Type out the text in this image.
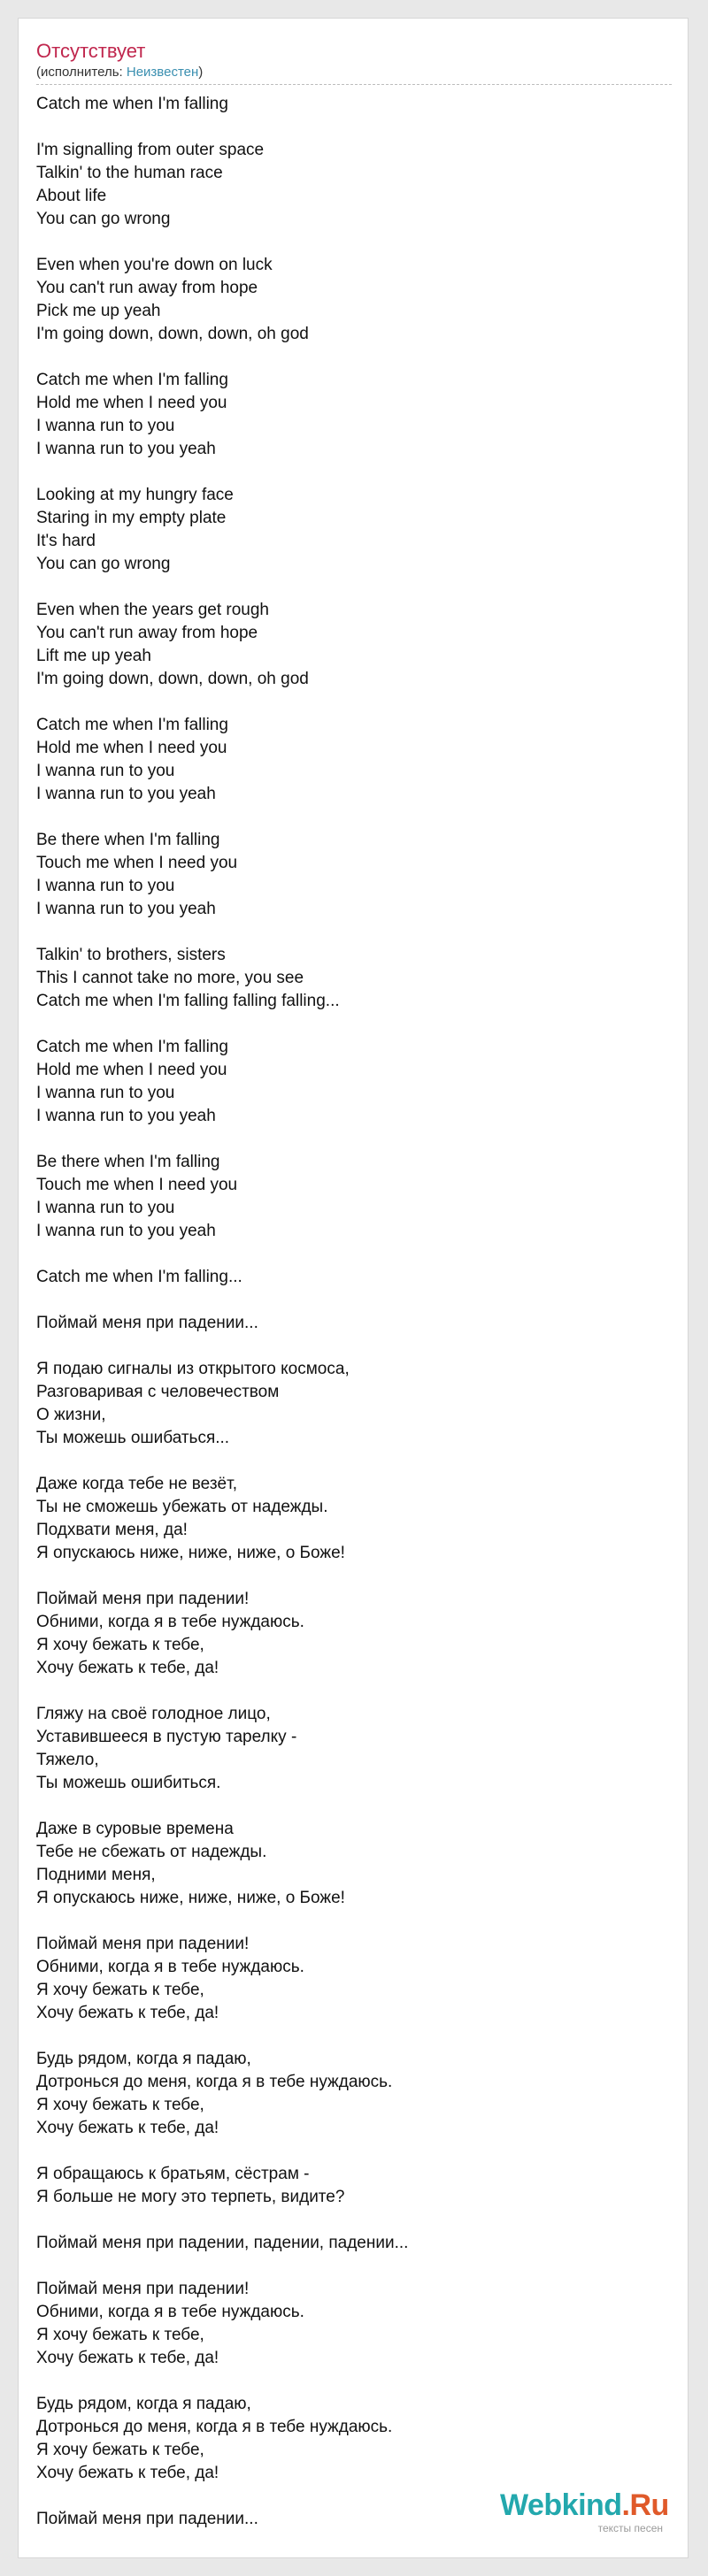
Отсутствует
(исполнитель: Неизвестен)
Catch me when I'm falling
I'm signalling from outer space
Talkin' to the human race
About life
You can go wrong
Even when you're down on luck
You can't run away from hope
Pick me up yeah
I'm going down, down, down, oh god
Catch me when I'm falling
Hold me when I need you
I wanna run to you
I wanna run to you yeah
Looking at my hungry face
Staring in my empty plate
It's hard
You can go wrong
Even when the years get rough
You can't run away from hope
Lift me up yeah
I'm going down, down, down, oh god
Catch me when I'm falling
Hold me when I need you
I wanna run to you
I wanna run to you yeah
Be there when I'm falling
Touch me when I need you
I wanna run to you
I wanna run to you yeah
Talkin' to brothers, sisters
This I cannot take no more, you see
Catch me when I'm falling falling falling...
Catch me when I'm falling
Hold me when I need you
I wanna run to you
I wanna run to you yeah
Be there when I'm falling
Touch me when I need you
I wanna run to you
I wanna run to you yeah
Catch me when I'm falling...
Поймай меня при падении...
Я подаю сигналы из открытого космоса,
Разговаривая с человечеством
О жизни,
Ты можешь ошибаться...
Даже когда тебе не везёт,
Ты не сможешь убежать от надежды.
Подхвати меня, да!
Я опускаюсь ниже, ниже, ниже, о Боже!
Поймай меня при падении!
Обними, когда я в тебе нуждаюсь.
Я хочу бежать к тебе,
Хочу бежать к тебе, да!
Гляжу на своё голодное лицо,
Уставившееся в пустую тарелку -
Тяжело,
Ты можешь ошибиться.
Даже в суровые времена
Тебе не сбежать от надежды.
Подними меня,
Я опускаюсь ниже, ниже, ниже, о Боже!
Поймай меня при падении!
Обними, когда я в тебе нуждаюсь.
Я хочу бежать к тебе,
Хочу бежать к тебе, да!
Будь рядом, когда я падаю,
Дотронься до меня, когда я в тебе нуждаюсь.
Я хочу бежать к тебе,
Хочу бежать к тебе, да!
Я обращаюсь к братьям, сёстрам -
Я больше не могу это терпеть, видите?
Поймай меня при падении, падении, падении...
Поймай меня при падении!
Обними, когда я в тебе нуждаюсь.
Я хочу бежать к тебе,
Хочу бежать к тебе, да!
Будь рядом, когда я падаю,
Дотронься до меня, когда я в тебе нуждаюсь.
Я хочу бежать к тебе,
Хочу бежать к тебе, да!
Поймай меня при падении...	Webkind.Ru
тексты песен
